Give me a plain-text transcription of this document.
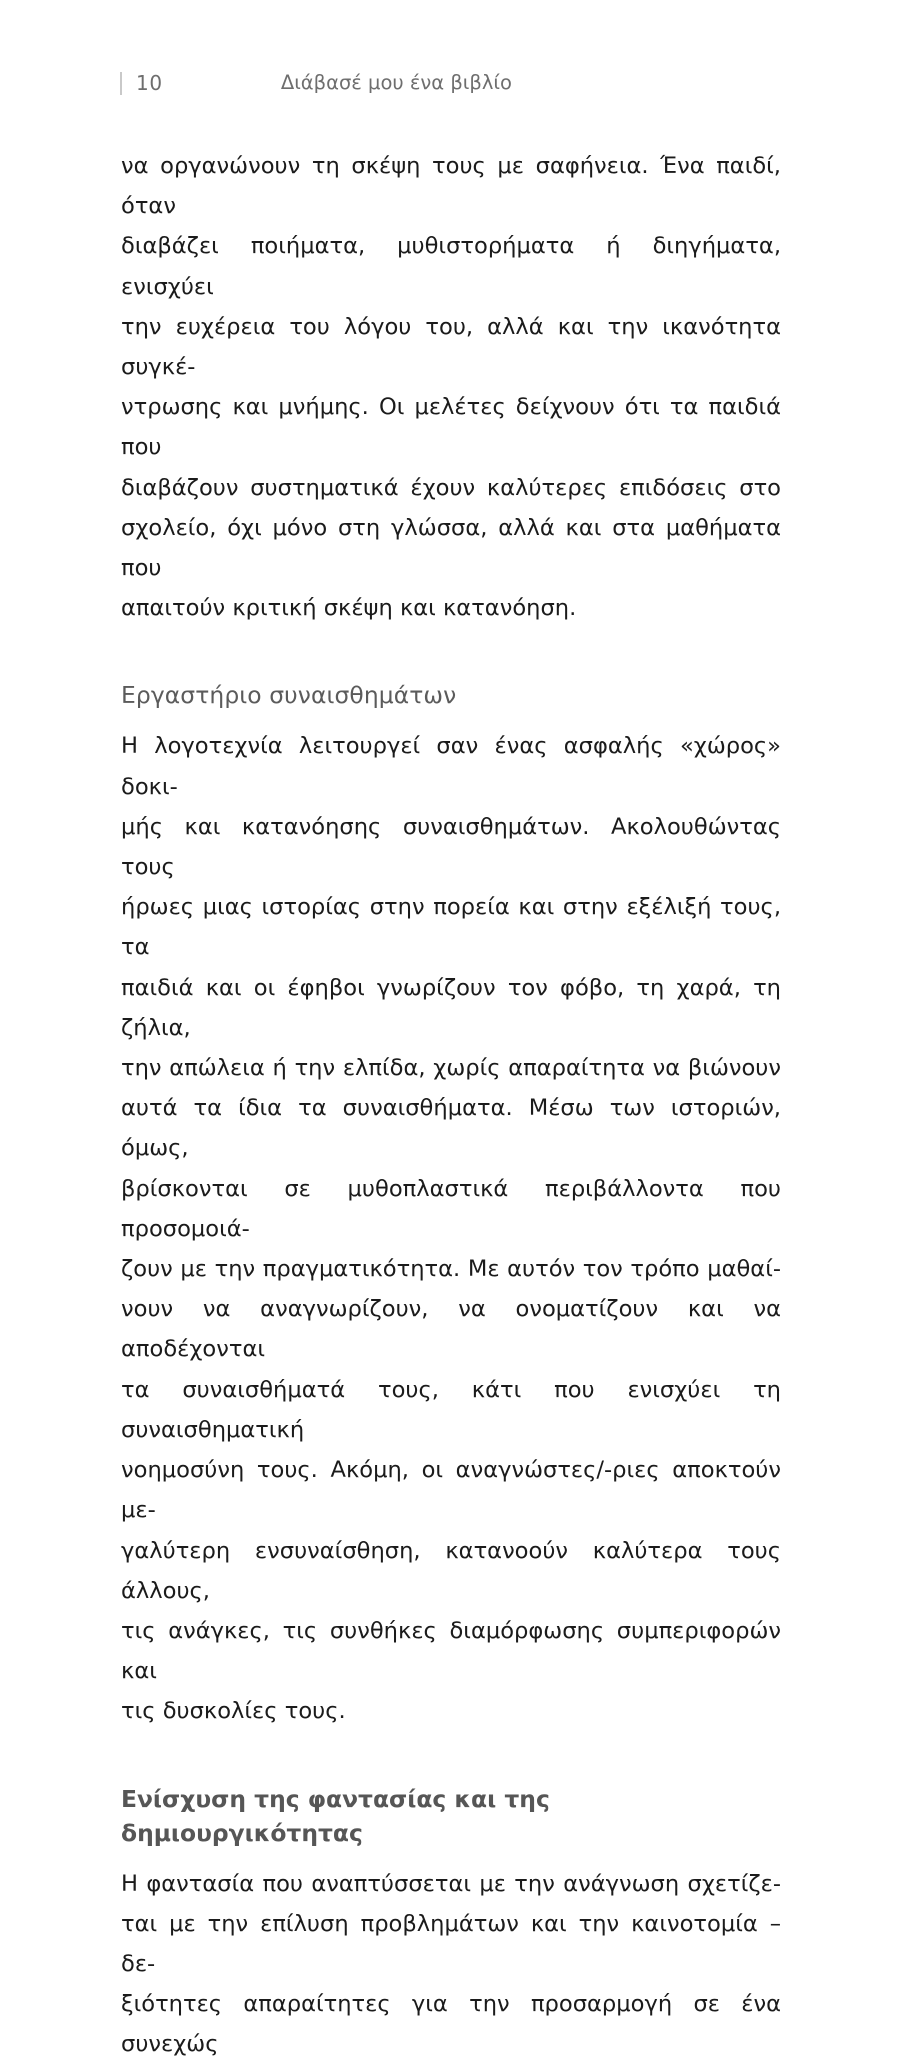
10	Διάβασέ μου ένα βιβλίο

να οργανώνουν τη σκέψη τους με σαφήνεια. Ένα παιδί, όταν
διαβάζει ποιήματα, μυθιστορήματα ή διηγήματα, ενισχύει
την ευχέρεια του λόγου του, αλλά και την ικανότητα συγκέ-
ντρωσης και μνήμης. Οι μελέτες δείχνουν ότι τα παιδιά που
διαβάζουν συστηματικά έχουν καλύτερες επιδόσεις στο
σχολείο, όχι μόνο στη γλώσσα, αλλά και στα μαθήματα που
απαιτούν κριτική σκέψη και κατανόηση.

Εργαστήριο συναισθημάτων

Η λογοτεχνία λειτουργεί σαν ένας ασφαλής «χώρος» δοκι-
μής και κατανόησης συναισθημάτων. Ακολουθώντας τους
ήρωες μιας ιστορίας στην πορεία και στην εξέλιξή τους, τα
παιδιά και οι έφηβοι γνωρίζουν τον φόβο, τη χαρά, τη ζήλια,
την απώλεια ή την ελπίδα, χωρίς απαραίτητα να βιώνουν
αυτά τα ίδια τα συναισθήματα. Μέσω των ιστοριών, όμως,
βρίσκονται σε μυθοπλαστικά περιβάλλοντα που προσομοιά-
ζουν με την πραγματικότητα. Με αυτόν τον τρόπο μαθαί-
νουν να αναγνωρίζουν, να ονοματίζουν και να αποδέχονται
τα συναισθήματά τους, κάτι που ενισχύει τη συναισθηματική
νοημοσύνη τους. Ακόμη, οι αναγνώστες/-ριες αποκτούν με-
γαλύτερη ενσυναίσθηση, κατανοούν καλύτερα τους άλλους,
τις ανάγκες, τις συνθήκες διαμόρφωσης συμπεριφορών και
τις δυσκολίες τους.

Ενίσχυση της φαντασίας και της δημιουργικότητας

Η φαντασία που αναπτύσσεται με την ανάγνωση σχετίζε-
ται με την επίλυση προβλημάτων και την καινοτομία – δε-
ξιότητες απαραίτητες για την προσαρμογή σε ένα συνεχώς
